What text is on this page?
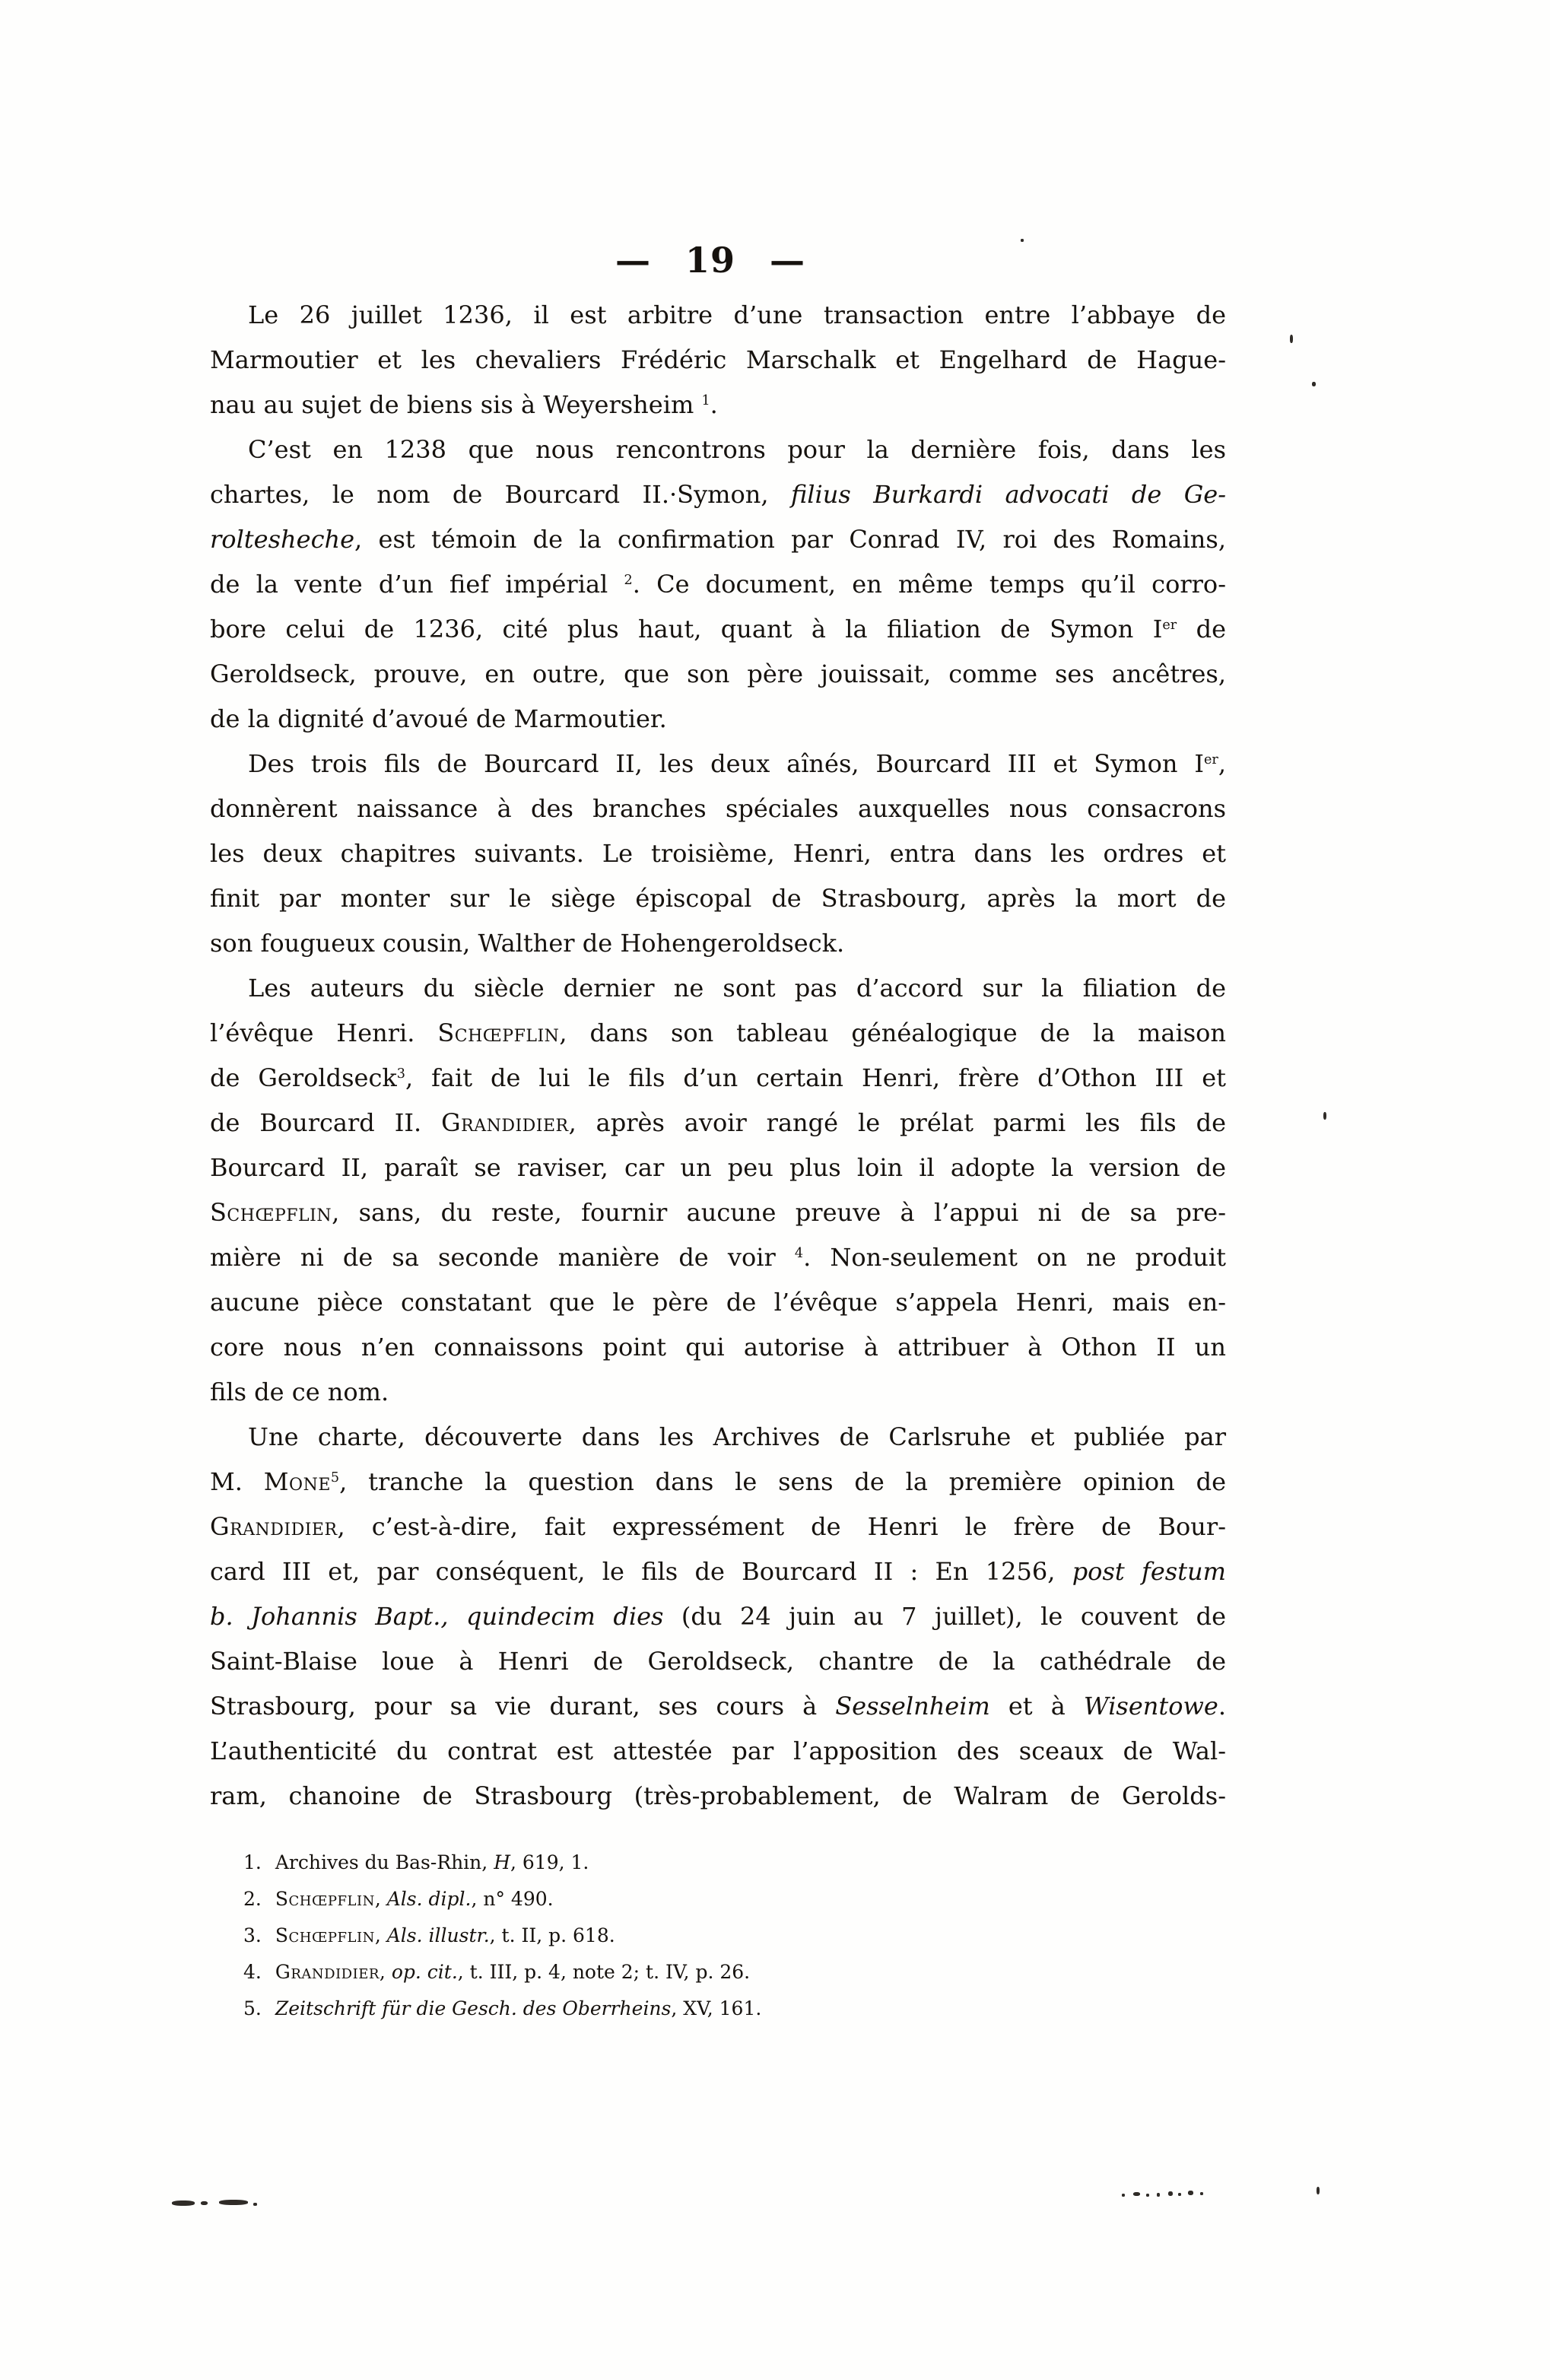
— 19 —
Le 26 juillet 1236, il est arbitre d’une transaction entre l’abbaye de
Marmoutier et les chevaliers Frédéric Marschalk et Engelhard de Hague-
nau au sujet de biens sis à Weyersheim $^1$.
C’est en 1238 que nous rencontrons pour la dernière fois, dans les
chartes, le nom de Bourcard II.·Symon, filius Burkardi advocati de Ge-
roltesheche, est témoin de la confirmation par Conrad IV, roi des Romains,
de la vente d’un fief impérial $^2$. Ce document, en même temps qu’il corro-
bore celui de 1236, cité plus haut, quant à la filiation de Symon Ier de
Geroldseck, prouve, en outre, que son père jouissait, comme ses ancêtres,
de la dignité d’avoué de Marmoutier.
Des trois fils de Bourcard II, les deux aînés, Bourcard III et Symon Ier,
donnèrent naissance à des branches spéciales auxquelles nous consacrons
les deux chapitres suivants. Le troisième, Henri, entra dans les ordres et
finit par monter sur le siège épiscopal de Strasbourg, après la mort de
son fougueux cousin, Walther de Hohengeroldseck.
Les auteurs du siècle dernier ne sont pas d’accord sur la filiation de
l’évêque Henri. Schœpflin, dans son tableau généalogique de la maison
de Geroldseck$^3$, fait de lui le fils d’un certain Henri, frère d’Othon III et
de Bourcard II. Grandidier, après avoir rangé le prélat parmi les fils de
Bourcard II, paraît se raviser, car un peu plus loin il adopte la version de
Schœpflin, sans, du reste, fournir aucune preuve à l’appui ni de sa pre-
mière ni de sa seconde manière de voir $^4$. Non-seulement on ne produit
aucune pièce constatant que le père de l’évêque s’appela Henri, mais en-
core nous n’en connaissons point qui autorise à attribuer à Othon II un
fils de ce nom.
Une charte, découverte dans les Archives de Carlsruhe et publiée par
M. Mone$^5$, tranche la question dans le sens de la première opinion de
Grandidier, c’est-à-dire, fait expressément de Henri le frère de Bour-
card III et, par conséquent, le fils de Bourcard II : En 1256, post festum
b. Johannis Bapt., quindecim dies (du 24 juin au 7 juillet), le couvent de
Saint-Blaise loue à Henri de Geroldseck, chantre de la cathédrale de
Strasbourg, pour sa vie durant, ses cours à Sesselnheim et à Wisentowe.
L’authenticité du contrat est attestée par l’apposition des sceaux de Wal-
ram, chanoine de Strasbourg (très-probablement, de Walram de Gerolds-
1. Archives du Bas-Rhin, H, 619, 1.
2. Schœpflin, Als. dipl., n° 490.
3. Schœpflin, Als. illustr., t. II, p. 618.
4. Grandidier, op. cit., t. III, p. 4, note 2; t. IV, p. 26.
5. Zeitschrift für die Gesch. des Oberrheins, XV, 161.
